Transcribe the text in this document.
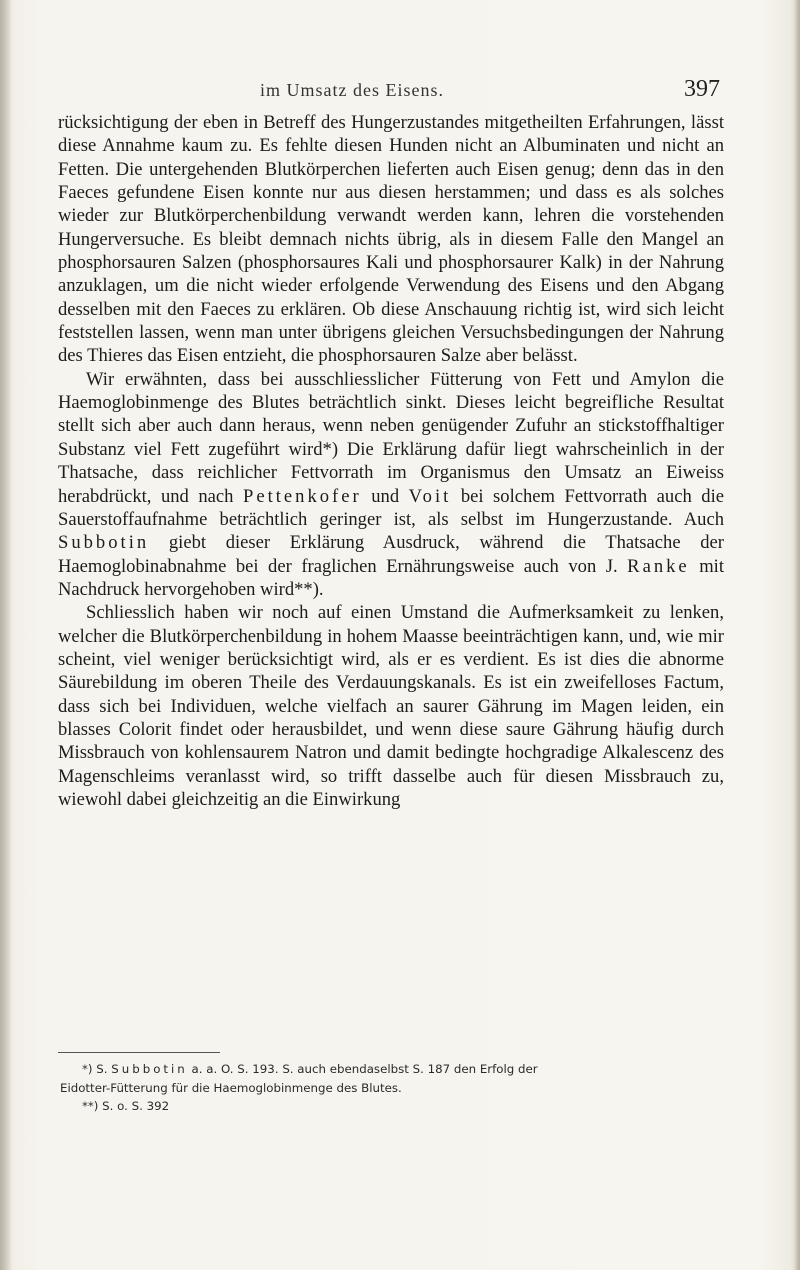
im Umsatz des Eisens.	397

rücksichtigung der eben in Betreff des Hungerzustandes mitgetheilten Erfahrungen, lässt diese Annahme kaum zu. Es fehlte diesen Hunden nicht an Albuminaten und nicht an Fetten. Die untergehenden Blutkörperchen lieferten auch Eisen genug; denn das in den Faeces gefundene Eisen konnte nur aus diesen herstammen; und dass es als solches wieder zur Blutkörperchenbildung verwandt werden kann, lehren die vorstehenden Hungerversuche. Es bleibt demnach nichts übrig, als in diesem Falle den Mangel an phosphorsauren Salzen (phosphorsaures Kali und phosphorsaurer Kalk) in der Nahrung anzuklagen, um die nicht wieder erfolgende Verwendung des Eisens und den Abgang desselben mit den Faeces zu erklären. Ob diese Anschauung richtig ist, wird sich leicht feststellen lassen, wenn man unter übrigens gleichen Versuchsbedingungen der Nahrung des Thieres das Eisen entzieht, die phosphorsauren Salze aber belässt.

Wir erwähnten, dass bei ausschliesslicher Fütterung von Fett und Amylon die Haemoglobinmenge des Blutes beträchtlich sinkt. Dieses leicht begreifliche Resultat stellt sich aber auch dann heraus, wenn neben genügender Zufuhr an stickstoffhaltiger Substanz viel Fett zugeführt wird*) Die Erklärung dafür liegt wahrscheinlich in der Thatsache, dass reichlicher Fettvorrath im Organismus den Umsatz an Eiweiss herabdrückt, und nach Pettenkofer und Voit bei solchem Fettvorrath auch die Sauerstoffaufnahme beträchtlich geringer ist, als selbst im Hungerzustande. Auch Subbotin giebt dieser Erklärung Ausdruck, während die Thatsache der Haemoglobinabnahme bei der fraglichen Ernährungsweise auch von J. Ranke mit Nachdruck hervorgehoben wird**).

Schliesslich haben wir noch auf einen Umstand die Aufmerksamkeit zu lenken, welcher die Blutkörperchenbildung in hohem Maasse beeinträchtigen kann, und, wie mir scheint, viel weniger berücksichtigt wird, als er es verdient. Es ist dies die abnorme Säurebildung im oberen Theile des Verdauungskanals. Es ist ein zweifelloses Factum, dass sich bei Individuen, welche vielfach an saurer Gährung im Magen leiden, ein blasses Colorit findet oder herausbildet, und wenn diese saure Gährung häufig durch Missbrauch von kohlensaurem Natron und damit bedingte hochgradige Alkalescenz des Magenschleims veranlasst wird, so trifft dasselbe auch für diesen Missbrauch zu, wiewohl dabei gleichzeitig an die Einwirkung

*) S. Subbotin a. a. O. S. 193. S. auch ebendaselbst S. 187 den Erfolg der
Eidotter-Fütterung für die Haemoglobinmenge des Blutes.
**) S. o. S. 392
